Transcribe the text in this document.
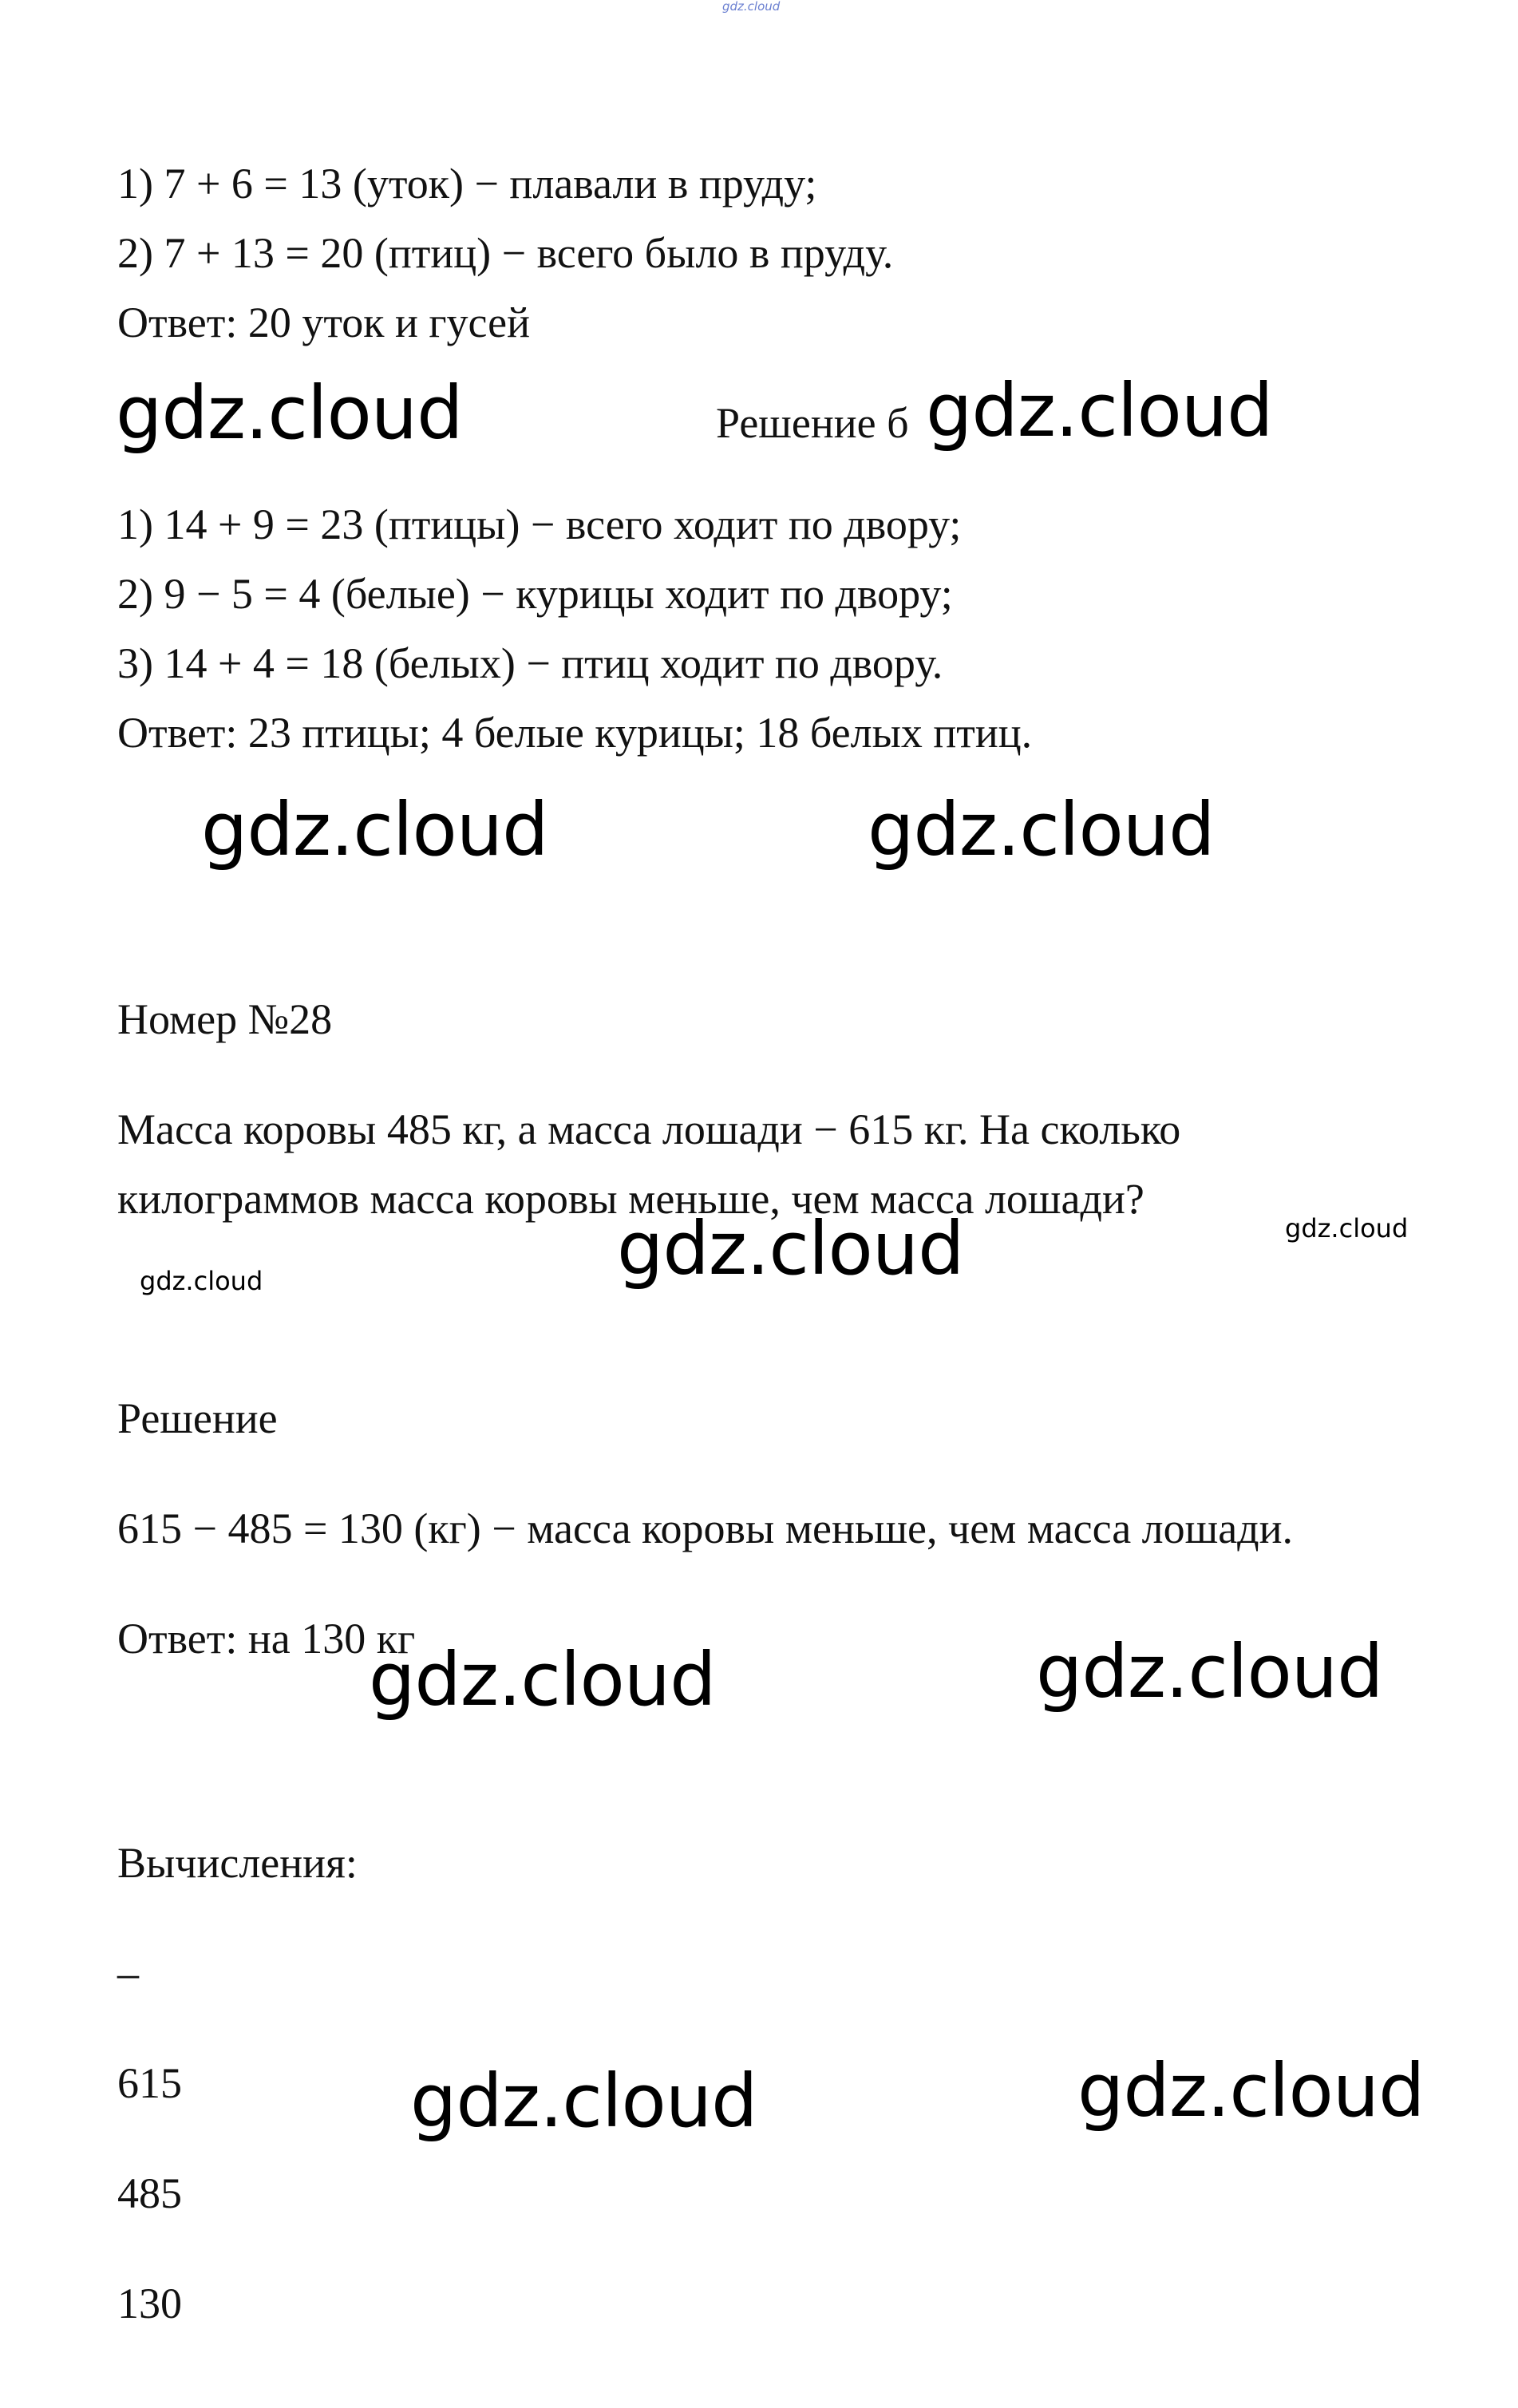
gdz.cloud
1) 7 + 6 = 13 (уток) − плавали в пруду;
2) 7 + 13 = 20 (птиц) − всего было в пруду.
Ответ: 20 уток и гусей
gdz.cloud	Решение б gdz.cloud
1) 14 + 9 = 23 (птицы) − всего ходит по двору;
2) 9 − 5 = 4 (белые) − курицы ходит по двору;
3) 14 + 4 = 18 (белых) − птиц ходит по двору.
Ответ: 23 птицы; 4 белые курицы; 18 белых птиц.
gdz.cloud	gdz.cloud
Номер №28
Масса коровы 485 кг, а масса лошади − 615 кг. На сколько
килограммов масса коровы меньше, чем масса лошади?
gdz.cloud
gdz.cloud
gdz.cloud
Решение
615 − 485 = 130 (кг) − масса коровы меньше, чем масса лошади.
Ответ: на 130 кг
gdz.cloud	gdz.cloud
Вычисления:
–
615	gdz.cloud	gdz.cloud
485
130
